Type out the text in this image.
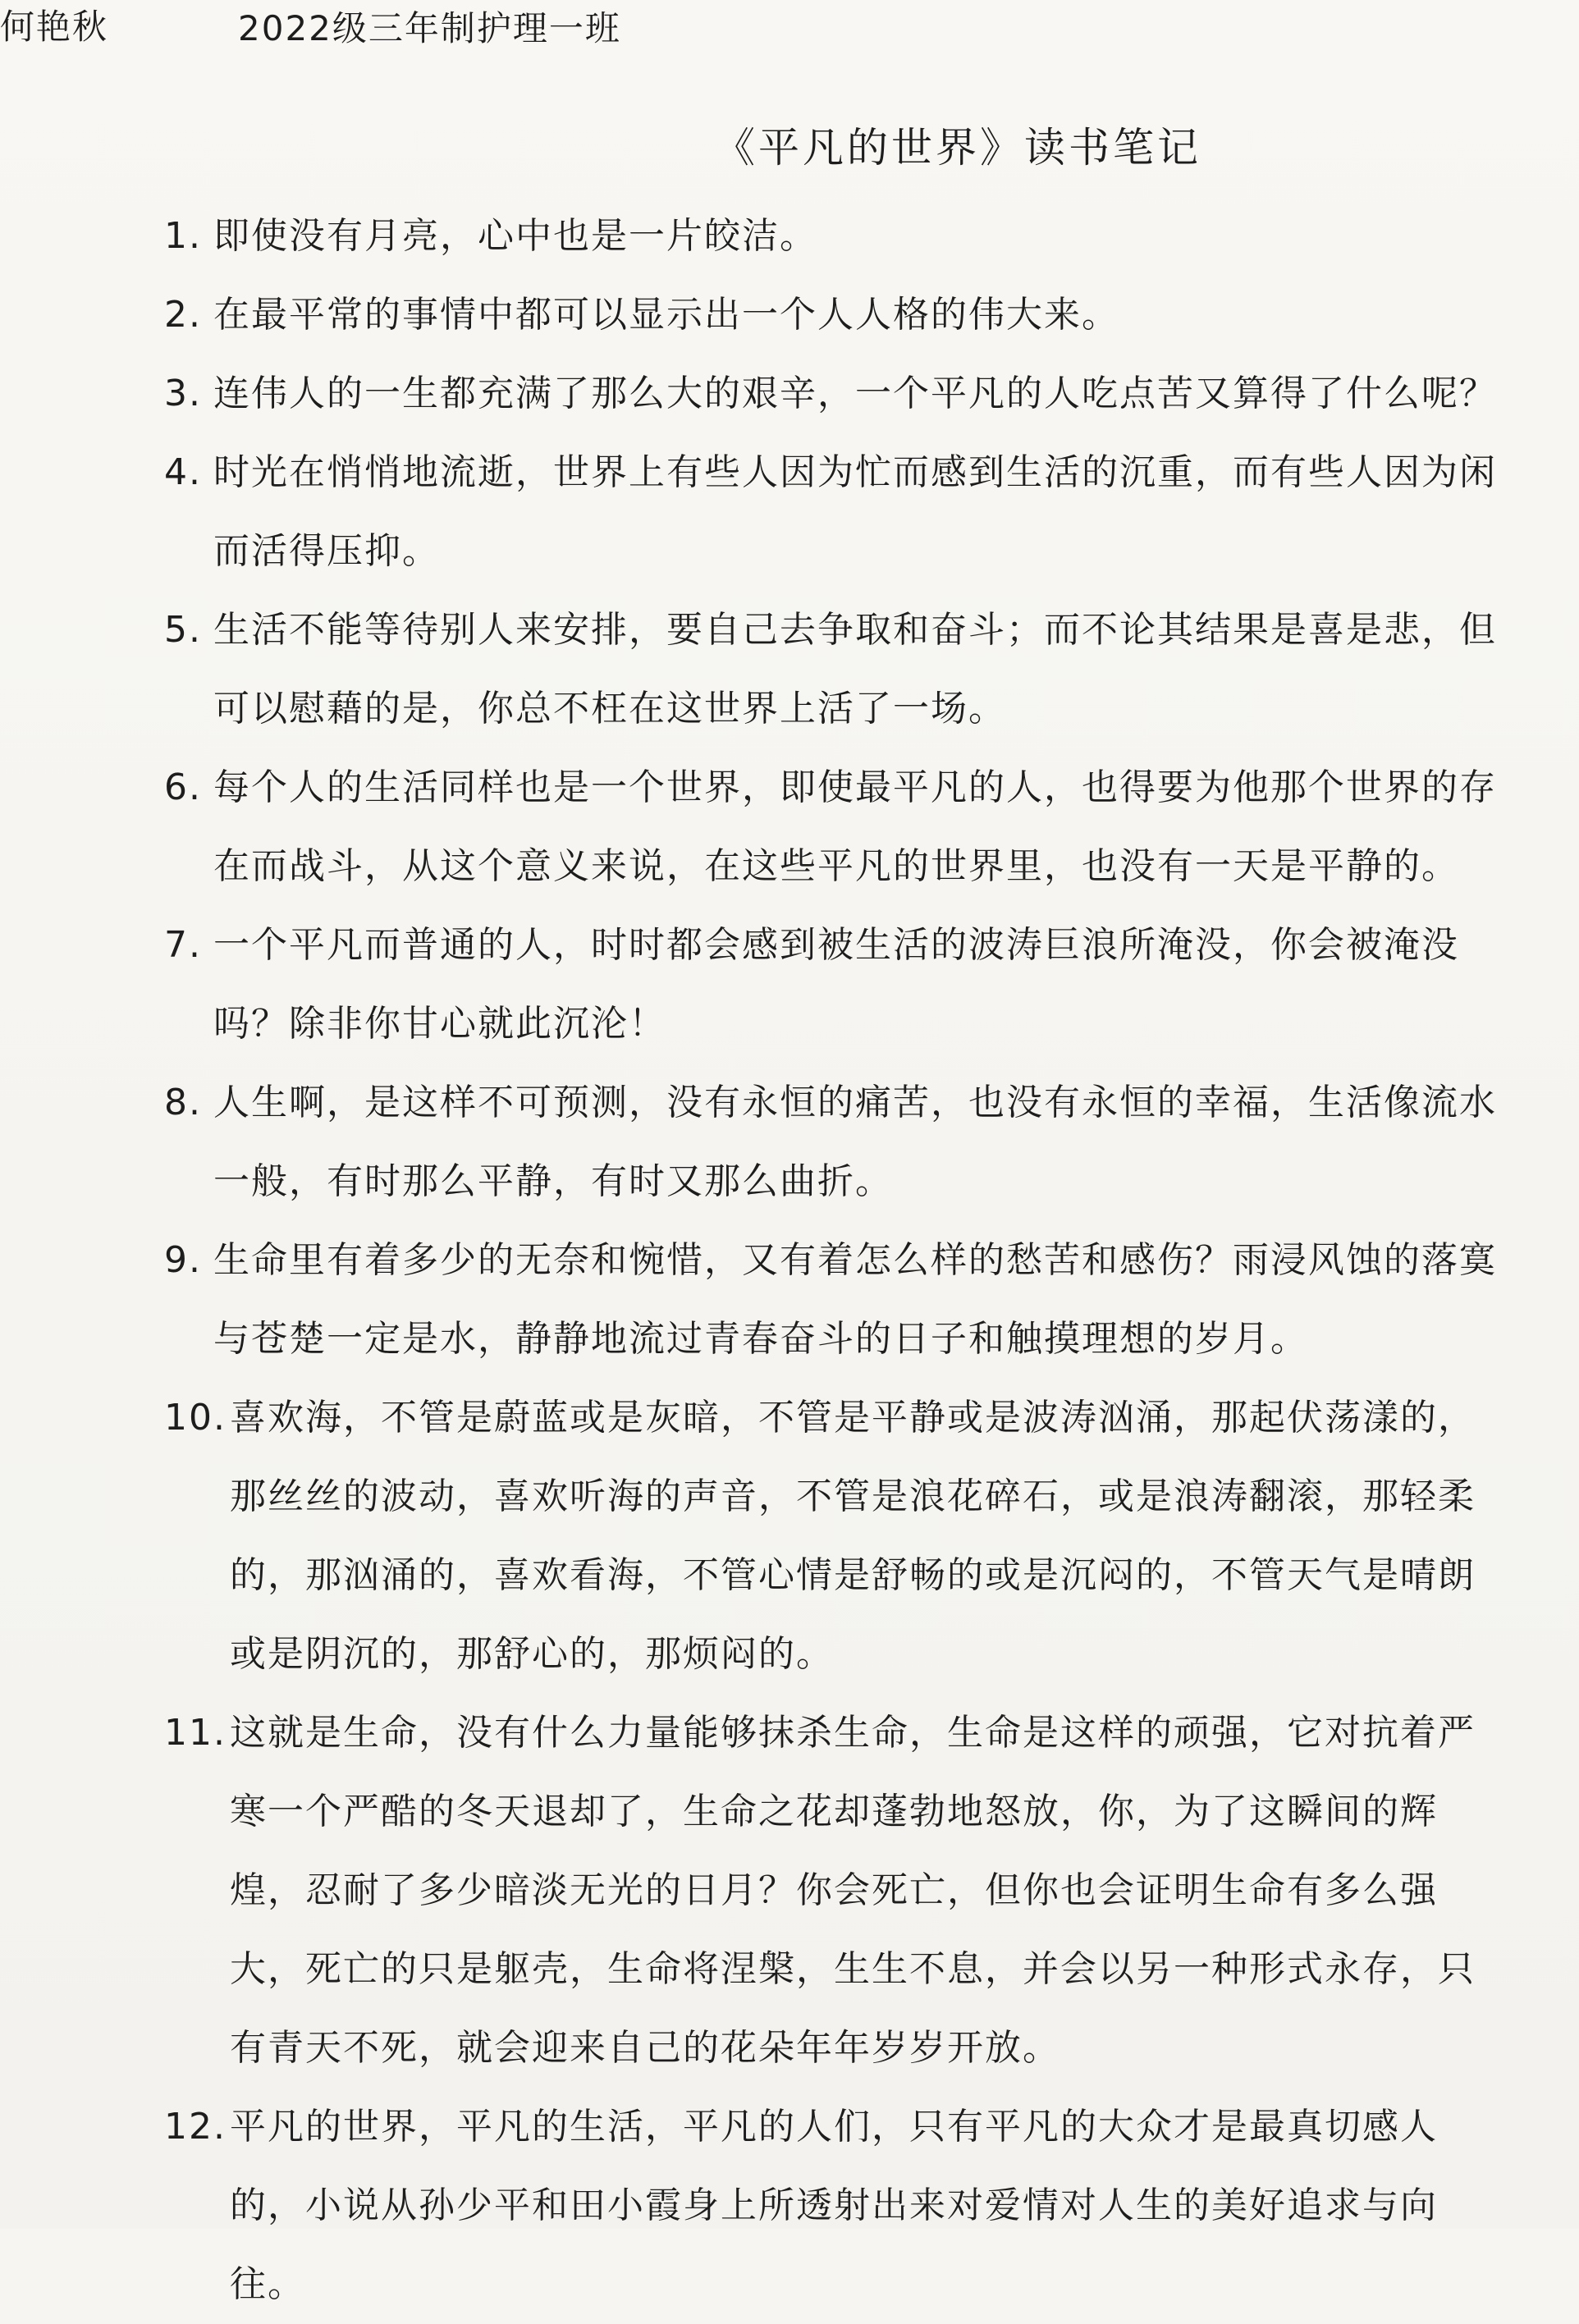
何艳秋	2022级三年制护理一班
《平凡的世界》读书笔记
1. 即使没有月亮，心中也是一片皎洁。
2. 在最平常的事情中都可以显示出一个人人格的伟大来。
3. 连伟人的一生都充满了那么大的艰辛，一个平凡的人吃点苦又算得了什么呢？
4. 时光在悄悄地流逝，世界上有些人因为忙而感到生活的沉重，而有些人因为闲而活得压抑。
5. 生活不能等待别人来安排，要自己去争取和奋斗；而不论其结果是喜是悲，但可以慰藉的是，你总不枉在这世界上活了一场。
6. 每个人的生活同样也是一个世界，即使最平凡的人，也得要为他那个世界的存在而战斗，从这个意义来说，在这些平凡的世界里，也没有一天是平静的。
7. 一个平凡而普通的人，时时都会感到被生活的波涛巨浪所淹没，你会被淹没吗？除非你甘心就此沉沦！
8. 人生啊，是这样不可预测，没有永恒的痛苦，也没有永恒的幸福，生活像流水一般，有时那么平静，有时又那么曲折。
9. 生命里有着多少的无奈和惋惜，又有着怎么样的愁苦和感伤？雨浸风蚀的落寞与苍楚一定是水，静静地流过青春奋斗的日子和触摸理想的岁月。
10. 喜欢海，不管是蔚蓝或是灰暗，不管是平静或是波涛汹涌，那起伏荡漾的，那丝丝的波动，喜欢听海的声音，不管是浪花碎石，或是浪涛翻滚，那轻柔的，那汹涌的，喜欢看海，不管心情是舒畅的或是沉闷的，不管天气是晴朗或是阴沉的，那舒心的，那烦闷的。
11. 这就是生命，没有什么力量能够抹杀生命，生命是这样的顽强，它对抗着严寒一个严酷的冬天退却了，生命之花却蓬勃地怒放，你，为了这瞬间的辉煌，忍耐了多少暗淡无光的日月？你会死亡，但你也会证明生命有多么强大，死亡的只是躯壳，生命将涅槃，生生不息，并会以另一种形式永存，只有青天不死，就会迎来自己的花朵年年岁岁开放。
12. 平凡的世界，平凡的生活，平凡的人们，只有平凡的大众才是最真切感人的，小说从孙少平和田小霞身上所透射出来对爱情对人生的美好追求与向往。
